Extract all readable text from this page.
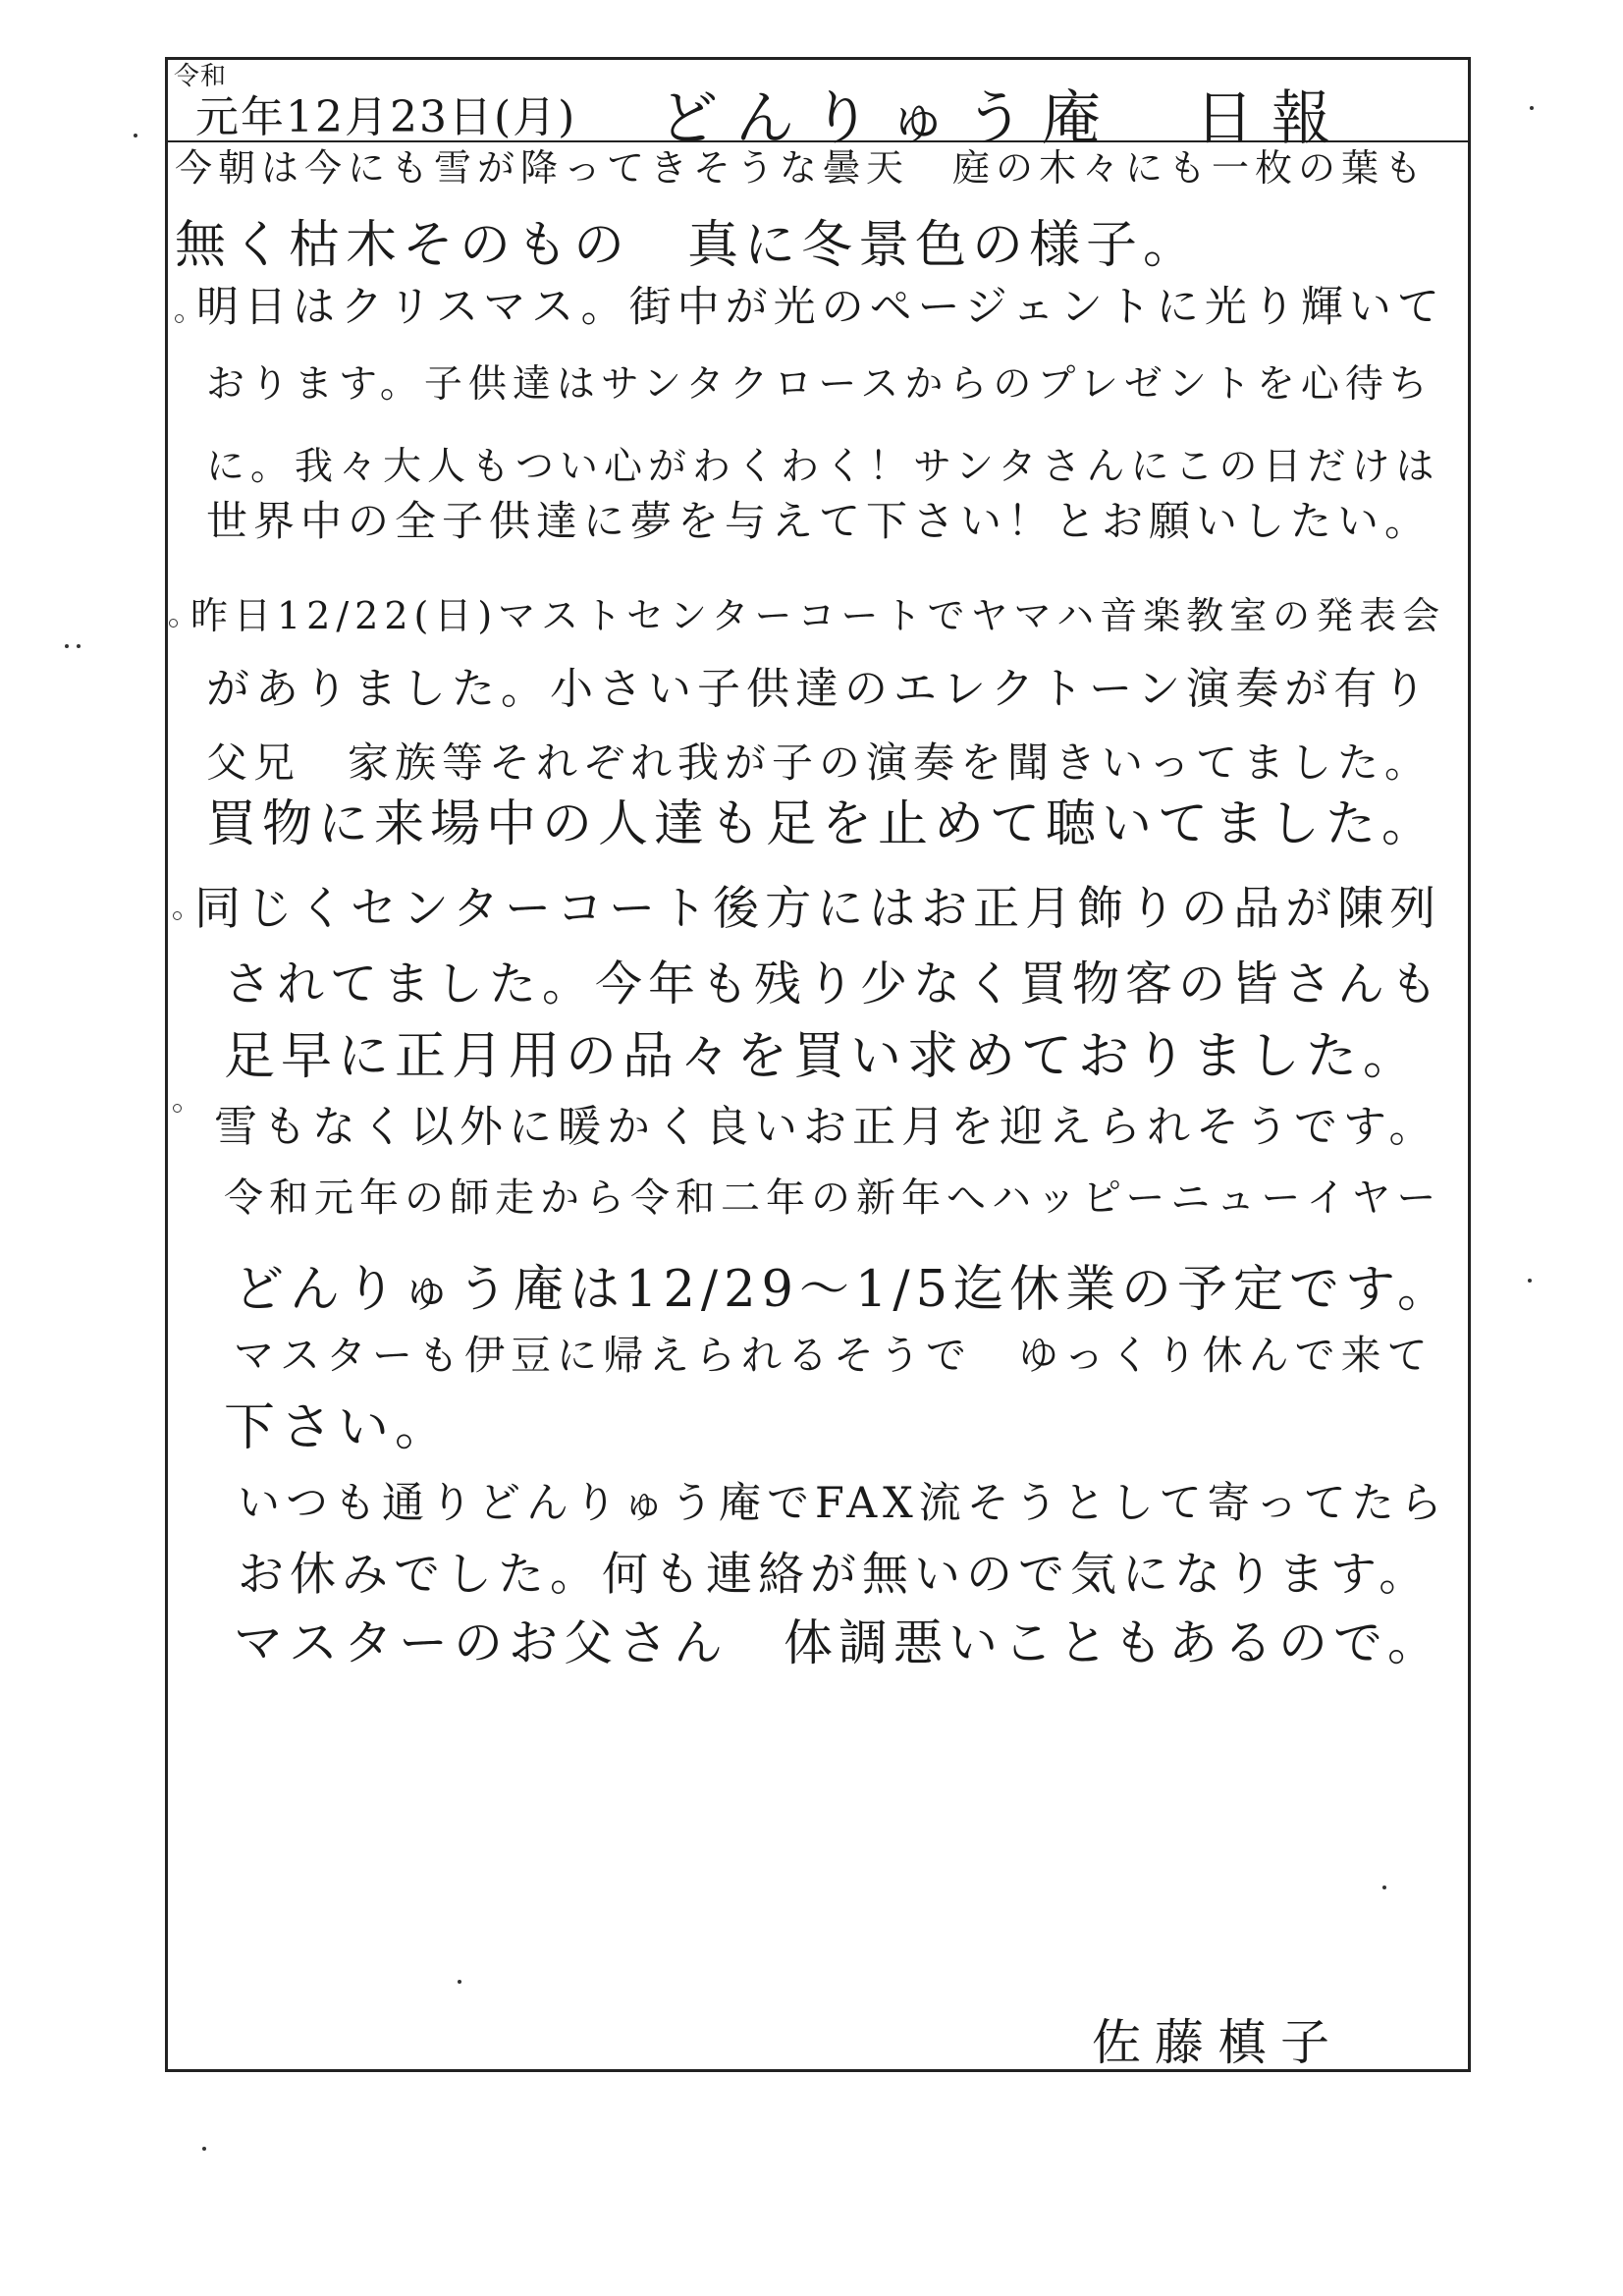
令和
元年12月23日(月) どんりゅう庵　日報
今朝は今にも雪が降ってきそうな曇天　庭の木々にも一枚の葉も
無く枯木そのもの　真に冬景色の様子。
明日はクリスマス。街中が光のページェントに光り輝いて
おります。子供達はサンタクロースからのプレゼントを心待ち
に。我々大人もつい心がわくわく！サンタさんにこの日だけは
世界中の全子供達に夢を与えて下さい！とお願いしたい。
昨日12/22(日)マストセンターコートでヤマハ音楽教室の発表会
がありました。小さい子供達のエレクトーン演奏が有り
父兄　家族等それぞれ我が子の演奏を聞きいってました。
買物に来場中の人達も足を止めて聴いてました。
同じくセンターコート後方にはお正月飾りの品が陳列
されてました。今年も残り少なく買物客の皆さんも
足早に正月用の品々を買い求めておりました。
雪もなく以外に暖かく良いお正月を迎えられそうです。
令和元年の師走から令和二年の新年へハッピーニューイヤー
どんりゅう庵は12/29～1/5迄休業の予定です。
マスターも伊豆に帰えられるそうで　ゆっくり休んで来て
下さい。
いつも通りどんりゅう庵でFAX流そうとして寄ってたら
お休みでした。何も連絡が無いので気になります。
マスターのお父さん　体調悪いこともあるので。
佐藤槙子
